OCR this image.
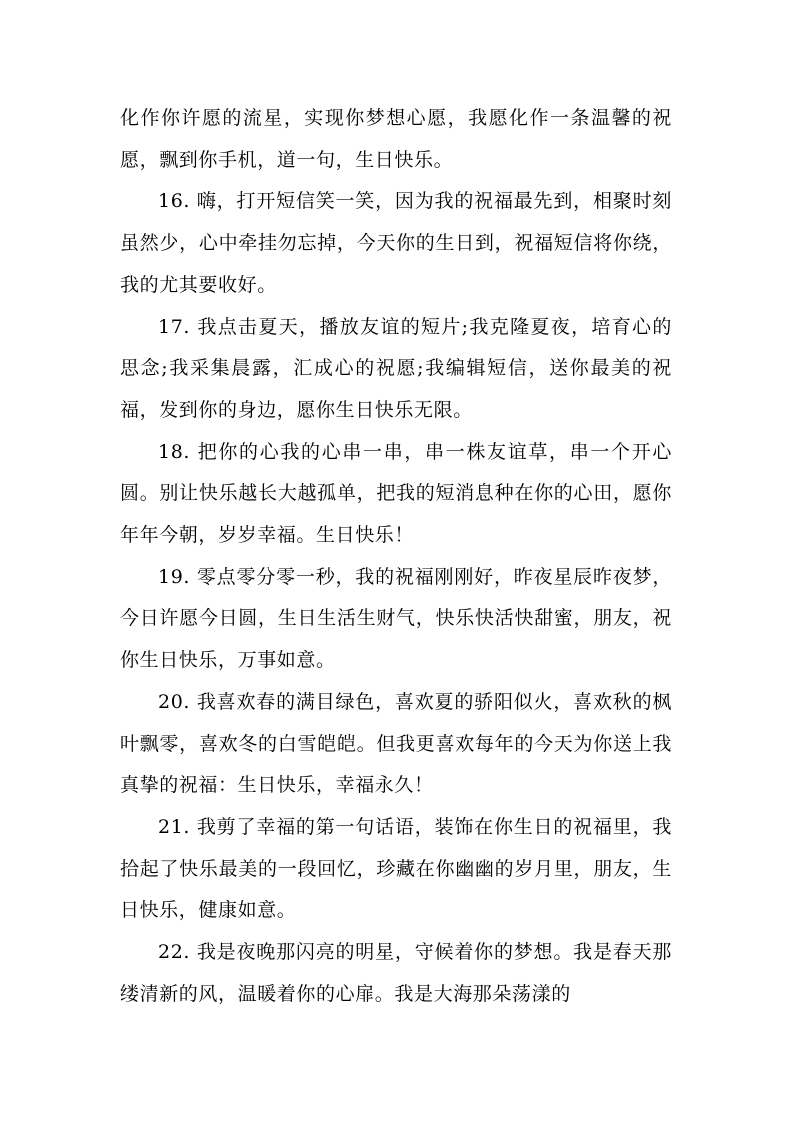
化作你许愿的流星，实现你梦想心愿，我愿化作一条温馨的祝愿，飘到你手机，道一句，生日快乐。

16. 嗨，打开短信笑一笑，因为我的祝福最先到，相聚时刻虽然少，心中牵挂勿忘掉，今天你的生日到，祝福短信将你绕，我的尤其要收好。

17. 我点击夏天，播放友谊的短片;我克隆夏夜，培育心的思念;我采集晨露，汇成心的祝愿;我编辑短信，送你最美的祝福，发到你的身边，愿你生日快乐无限。

18. 把你的心我的心串一串，串一株友谊草，串一个开心圆。别让快乐越长大越孤单，把我的短消息种在你的心田，愿你年年今朝，岁岁幸福。生日快乐！

19. 零点零分零一秒，我的祝福刚刚好，昨夜星辰昨夜梦，今日许愿今日圆，生日生活生财气，快乐快活快甜蜜，朋友，祝你生日快乐，万事如意。

20. 我喜欢春的满目绿色，喜欢夏的骄阳似火，喜欢秋的枫叶飘零，喜欢冬的白雪皑皑。但我更喜欢每年的今天为你送上我真挚的祝福：生日快乐，幸福永久！

21. 我剪了幸福的第一句话语，装饰在你生日的祝福里，我拾起了快乐最美的一段回忆，珍藏在你幽幽的岁月里，朋友，生日快乐，健康如意。

22. 我是夜晚那闪亮的明星，守候着你的梦想。我是春天那缕清新的风，温暖着你的心扉。我是大海那朵荡漾的
